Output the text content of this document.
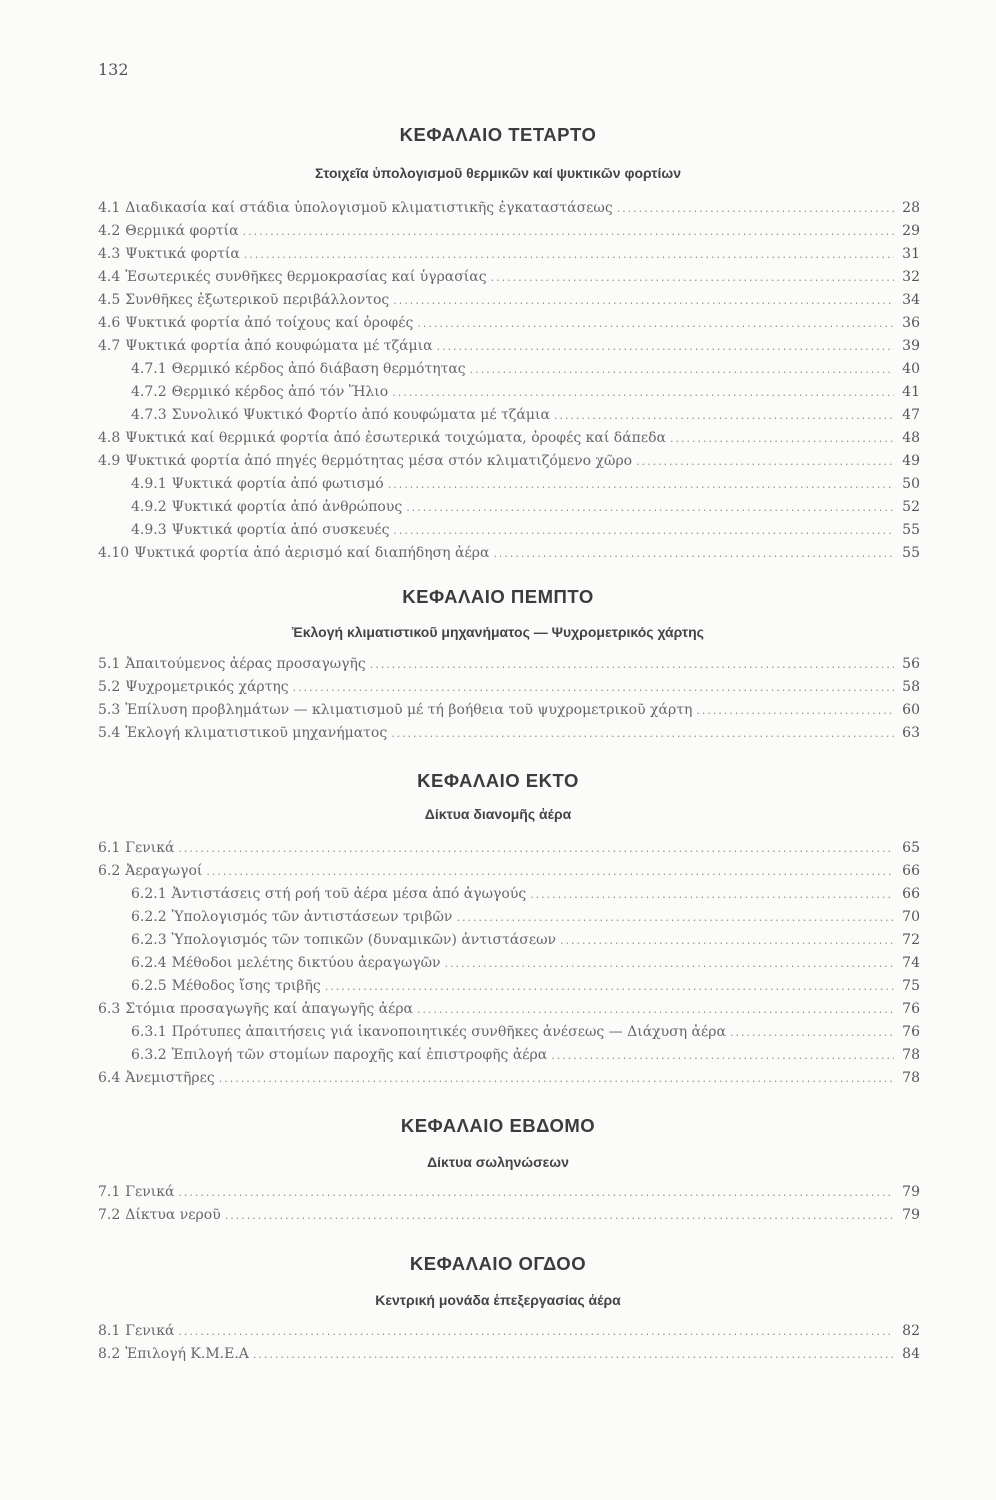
132
ΚΕΦΑΛΑΙΟ ΤΕΤΑΡΤΟ
Στοιχεῖα ὑπολογισμοῦ θερμικῶν καί ψυκτικῶν φορτίων
4.1 Διαδικασία καί στάδια ὑπολογισμοῦ κλιματιστικῆς ἐγκαταστάσεως .....	28
4.2 Θερμικά φορτία .....	29
4.3 Ψυκτικά φορτία .....	31
4.4 Ἐσωτερικές συνθῆκες θερμοκρασίας καί ὑγρασίας .....	32
4.5 Συνθῆκες ἐξωτερικοῦ περιβάλλοντος .....	34
4.6 Ψυκτικά φορτία ἀπό τοίχους καί ὀροφές .....	36
4.7 Ψυκτικά φορτία ἀπό κουφώματα μέ τζάμια .....	39
4.7.1 Θερμικό κέρδος ἀπό διάβαση θερμότητας .....	40
4.7.2 Θερμικό κέρδος ἀπό τόν Ἥλιο .....	41
4.7.3 Συνολικό Ψυκτικό Φορτίο ἀπό κουφώματα μέ τζάμια .....	47
4.8 Ψυκτικά καί θερμικά φορτία ἀπό ἐσωτερικά τοιχώματα, ὀροφές καί δάπεδα .....	48
4.9 Ψυκτικά φορτία ἀπό πηγές θερμότητας μέσα στόν κλιματιζόμενο χῶρο .....	49
4.9.1 Ψυκτικά φορτία ἀπό φωτισμό .....	50
4.9.2 Ψυκτικά φορτία ἀπό ἀνθρώπους .....	52
4.9.3 Ψυκτικά φορτία ἀπό συσκευές .....	55
4.10 Ψυκτικά φορτία ἀπό ἀερισμό καί διαπήδηση ἀέρα .....	55
ΚΕΦΑΛΑΙΟ ΠΕΜΠΤΟ
Ἐκλογή κλιματιστικοῦ μηχανήματος — Ψυχρομετρικός χάρτης
5.1 Ἀπαιτούμενος ἀέρας προσαγωγῆς .....	56
5.2 Ψυχρομετρικός χάρτης .....	58
5.3 Ἐπίλυση προβλημάτων — κλιματισμοῦ μέ τή βοήθεια τοῦ ψυχρομετρικοῦ χάρτη .....	60
5.4 Ἐκλογή κλιματιστικοῦ μηχανήματος .....	63
ΚΕΦΑΛΑΙΟ ΕΚΤΟ
Δίκτυα διανομῆς ἀέρα
6.1 Γενικά .....	65
6.2 Ἀεραγωγοί .....	66
6.2.1 Ἀντιστάσεις στή ροή τοῦ ἀέρα μέσα ἀπό ἀγωγούς .....	66
6.2.2 Ὑπολογισμός τῶν ἀντιστάσεων τριβῶν .....	70
6.2.3 Ὑπολογισμός τῶν τοπικῶν (δυναμικῶν) ἀντιστάσεων .....	72
6.2.4 Μέθοδοι μελέτης δικτύου ἀεραγωγῶν .....	74
6.2.5 Μέθοδος ἴσης τριβῆς .....	75
6.3 Στόμια προσαγωγῆς καί ἀπαγωγῆς ἀέρα .....	76
6.3.1 Πρότυπες ἀπαιτήσεις γιά ἱκανοποιητικές συνθῆκες ἀνέσεως — Διάχυση ἀέρα .....	76
6.3.2 Ἐπιλογή τῶν στομίων παροχῆς καί ἐπιστροφῆς ἀέρα .....	78
6.4 Ἀνεμιστῆρες .....	78
ΚΕΦΑΛΑΙΟ ΕΒΔΟΜΟ
Δίκτυα σωληνώσεων
7.1 Γενικά .....	79
7.2 Δίκτυα νεροῦ .....	79
ΚΕΦΑΛΑΙΟ ΟΓΔΟΟ
Κεντρική μονάδα ἐπεξεργασίας ἀέρα
8.1 Γενικά .....	82
8.2 Ἐπιλογή Κ.Μ.Ε.Α .....	84
